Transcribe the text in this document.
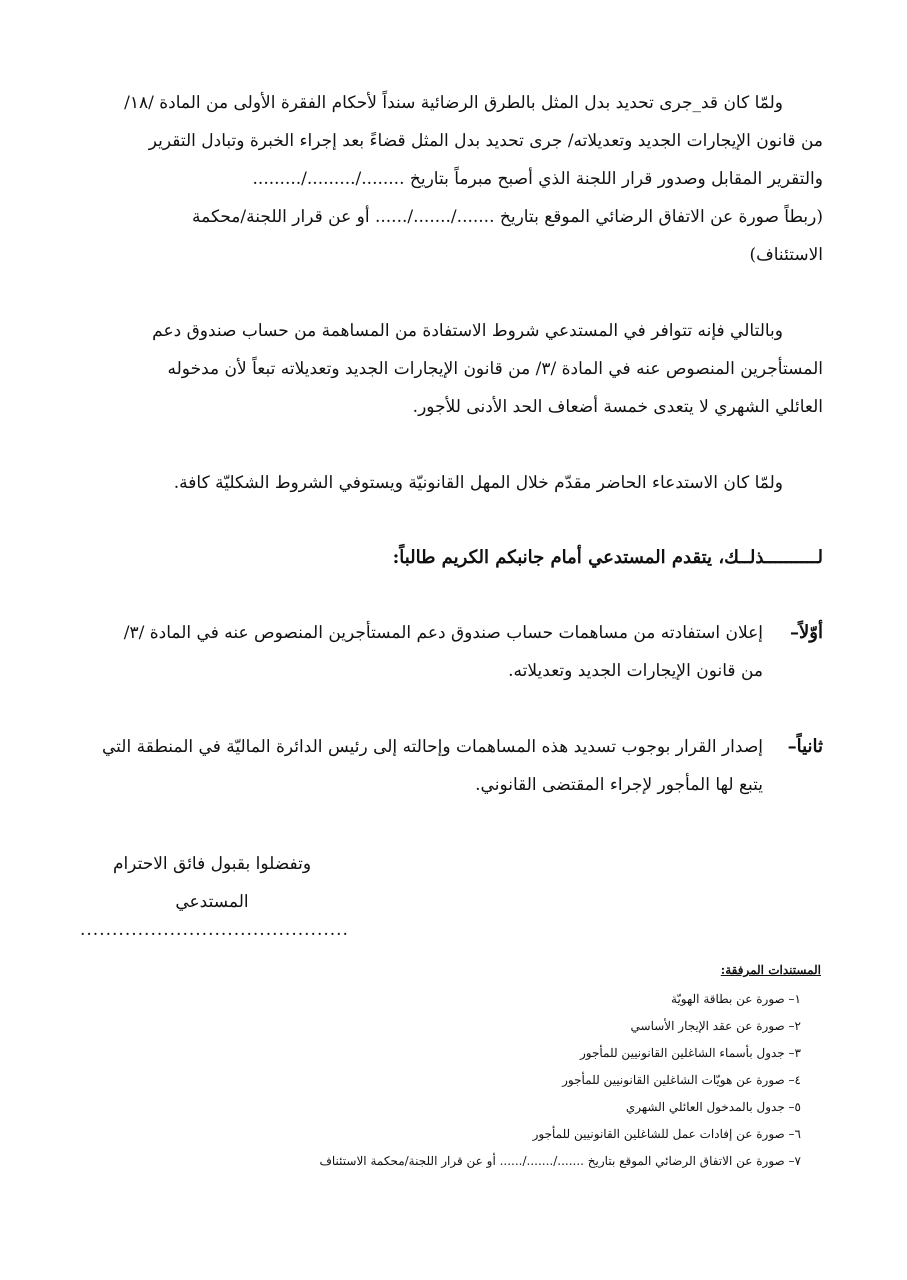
ولمّا كان قد_جرى تحديد بدل المثل بالطرق الرضائية سنداً لأحكام الفقرة الأولى من المادة /١٨/
من قانون الإيجارات الجديد وتعديلاته/ جرى تحديد بدل المثل قضاءً بعد إجراء الخبرة وتبادل التقرير
والتقرير المقابل وصدور قرار اللجنة الذي أصبح مبرماً بتاريخ ......../........./.........
(ربطاً صورة عن الاتفاق الرضائي الموقع بتاريخ ......./......./...... أو عن قرار اللجنة/محكمة
الاستئناف)
وبالتالي فإنه تتوافر في المستدعي شروط الاستفادة من المساهمة من حساب صندوق دعم
المستأجرين المنصوص عنه في المادة /٣/ من قانون الإيجارات الجديد وتعديلاته تبعاً لأن مدخوله
العائلي الشهري لا يتعدى خمسة أضعاف الحد الأدنى للأجور.
ولمّا كان الاستدعاء الحاضر مقدّم خلال المهل القانونيّة ويستوفي الشروط الشكليّة كافة.
لــــــــــذلــك، يتقدم المستدعي أمام جانبكم الكريم طالباً:
أوّلاً–
إعلان استفادته من مساهمات حساب صندوق دعم المستأجرين المنصوص عنه في المادة /٣/
من قانون الإيجارات الجديد وتعديلاته.
ثانياً–
إصدار القرار بوجوب تسديد هذه المساهمات وإحالته إلى رئيس الدائرة الماليّة في المنطقة التي
يتبع لها المأجور لإجراء المقتضى القانوني.
وتفضلوا بقبول فائق الاحترام
المستدعي
..........................................
المستندات المرفقة:
١– صورة عن بطاقة الهويّة
٢– صورة عن عقد الإيجار الأساسي
٣– جدول بأسماء الشاغلين القانونيين للمأجور
٤– صورة عن هويّات الشاغلين القانونيين للمأجور
٥– جدول بالمدخول العائلي الشهري
٦– صورة عن إفادات عمل للشاغلين القانونيين للمأجور
٧– صورة عن الاتفاق الرضائي الموقع بتاريخ ......./......./...... أو عن قرار اللجنة/محكمة الاستئناف
